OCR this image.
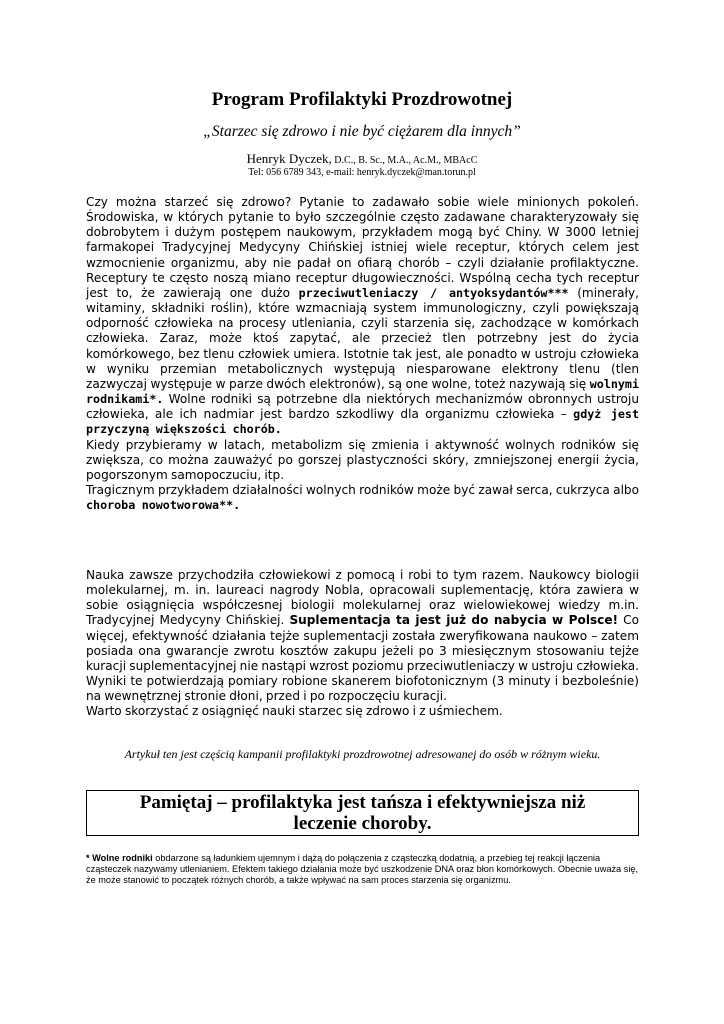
Program Profilaktyki Prozdrowotnej
„Starzec się zdrowo i nie być ciężarem dla innych”
Henryk Dyczek, D.C., B. Sc., M.A., Ac.M., MBAcC
Tel: 056 6789 343, e-mail: henryk.dyczek@man.torun.pl

Czy można starzeć się zdrowo? Pytanie to zadawało sobie wiele minionych pokoleń. Środowiska, w których pytanie to było szczególnie często zadawane charakteryzowały się dobrobytem i dużym postępem naukowym, przykładem mogą być Chiny. W 3000 letniej farmakopei Tradycyjnej Medycyny Chińskiej istniej wiele receptur, których celem jest wzmocnienie organizmu, aby nie padał on ofiarą chorób – czyli działanie profilaktyczne. Receptury te często noszą miano receptur długowieczności. Wspólną cecha tych receptur jest to, że zawierają one dużo przeciwutleniaczy / antyoksydantów*** (minerały, witaminy, składniki roślin), które wzmacniają system immunologiczny, czyli powiększają odporność człowieka na procesy utleniania, czyli starzenia się, zachodzące w komórkach człowieka. Zaraz, może ktoś zapytać, ale przecież tlen potrzebny jest do życia komórkowego, bez tlenu człowiek umiera. Istotnie tak jest, ale ponadto w ustroju człowieka w wyniku przemian metabolicznych występują niesparowane elektrony tlenu (tlen zazwyczaj występuje w parze dwóch elektronów), są one wolne, toteż nazywają się wolnymi rodnikami*. Wolne rodniki są potrzebne dla niektórych mechanizmów obronnych ustroju człowieka, ale ich nadmiar jest bardzo szkodliwy dla organizmu człowieka – gdyż jest przyczyną większości chorób.

Kiedy przybieramy w latach, metabolizm się zmienia i aktywność wolnych rodników się zwiększa, co można zauważyć po gorszej plastyczności skóry, zmniejszonej energii życia, pogorszonym samopoczuciu, itp.

Tragicznym przykładem działalności wolnych rodników może być zawał serca, cukrzyca albo choroba nowotworowa**.

Nauka zawsze przychodziła człowiekowi z pomocą i robi to tym razem. Naukowcy biologii molekularnej, m. in. laureaci nagrody Nobla, opracowali suplementację, która zawiera w sobie osiągnięcia współczesnej biologii molekularnej oraz wielowiekowej wiedzy m.in. Tradycyjnej Medycyny Chińskiej. Suplementacja ta jest już do nabycia w Polsce! Co więcej, efektywność działania tejże suplementacji została zweryfikowana naukowo – zatem posiada ona gwarancje zwrotu kosztów zakupu jeżeli po 3 miesięcznym stosowaniu tejże kuracji suplementacyjnej nie nastąpi wzrost poziomu przeciwutleniaczy w ustroju człowieka. Wyniki te potwierdzają pomiary robione skanerem biofotonicznym (3 minuty i bezboleśnie) na wewnętrznej stronie dłoni, przed i po rozpoczęciu kuracji.

Warto skorzystać z osiągnięć nauki starzec się zdrowo i z uśmiechem.

Artykuł ten jest częścią kampanii profilaktyki prozdrowotnej adresowanej do osób w różnym wieku.
Pamiętaj – profilaktyka jest tańsza i efektywniejsza niż
leczenie choroby.
* Wolne rodniki obdarzone są ładunkiem ujemnym i dążą do połączenia z cząsteczką dodatnią, a przebieg tej reakcji łączenia cząsteczek nazywamy utlenianiem. Efektem takiego działania może być uszkodzenie DNA oraz błon komórkowych. Obecnie uważa się, że może stanowić to początek różnych chorób, a także wpływać na sam proces starzenia się organizmu.
